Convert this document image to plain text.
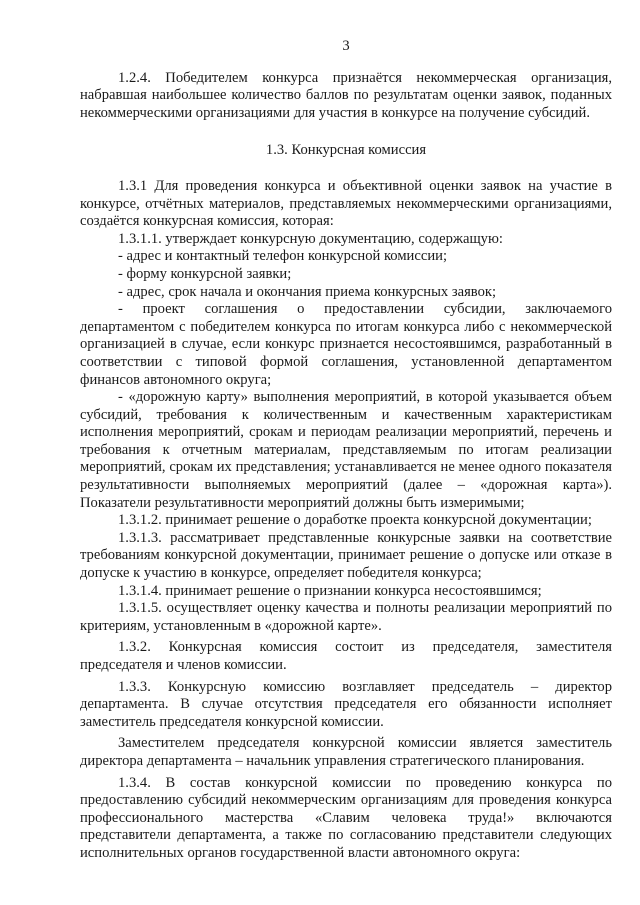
3

1.2.4. Победителем конкурса признаётся некоммерческая организация, набравшая наибольшее количество баллов по результатам оценки заявок, поданных некоммерческими организациями для участия в конкурсе на получение субсидий.

1.3. Конкурсная комиссия

1.3.1 Для проведения конкурса и объективной оценки заявок на участие в конкурсе, отчётных материалов, представляемых некоммерческими организациями, создаётся конкурсная комиссия, которая:

1.3.1.1. утверждает конкурсную документацию, содержащую:

- адрес и контактный телефон конкурсной комиссии;

- форму конкурсной заявки;

- адрес, срок начала и окончания приема конкурсных заявок;

- проект соглашения о предоставлении субсидии, заключаемого департаментом с победителем конкурса по итогам конкурса либо с некоммерческой организацией в случае, если конкурс признается несостоявшимся, разработанный в соответствии с типовой формой соглашения, установленной департаментом финансов автономного округа;

- «дорожную карту» выполнения мероприятий, в которой указывается объем субсидий, требования к количественным и качественным характеристикам исполнения мероприятий, срокам и периодам реализации мероприятий, перечень и требования к отчетным материалам, представляемым по итогам реализации мероприятий, срокам их представления; устанавливается не менее одного показателя результативности выполняемых мероприятий (далее – «дорожная карта»). Показатели результативности мероприятий должны быть измеримыми;

1.3.1.2. принимает решение о доработке проекта конкурсной документации;

1.3.1.3. рассматривает представленные конкурсные заявки на соответствие требованиям конкурсной документации, принимает решение о допуске или отказе в допуске к участию в конкурсе, определяет победителя конкурса;

1.3.1.4. принимает решение о признании конкурса несостоявшимся;

1.3.1.5. осуществляет оценку качества и полноты реализации мероприятий по критериям, установленным в «дорожной карте».

1.3.2. Конкурсная комиссия состоит из председателя, заместителя председателя и членов комиссии.

1.3.3. Конкурсную комиссию возглавляет председатель – директор департамента. В случае отсутствия председателя его обязанности исполняет заместитель председателя конкурсной комиссии.

Заместителем председателя конкурсной комиссии является заместитель директора департамента – начальник управления стратегического планирования.

1.3.4. В состав конкурсной комиссии по проведению конкурса по предоставлению субсидий некоммерческим организациям для проведения конкурса профессионального мастерства «Славим человека труда!» включаются представители департамента, а также по согласованию представители следующих исполнительных органов государственной власти автономного округа:
